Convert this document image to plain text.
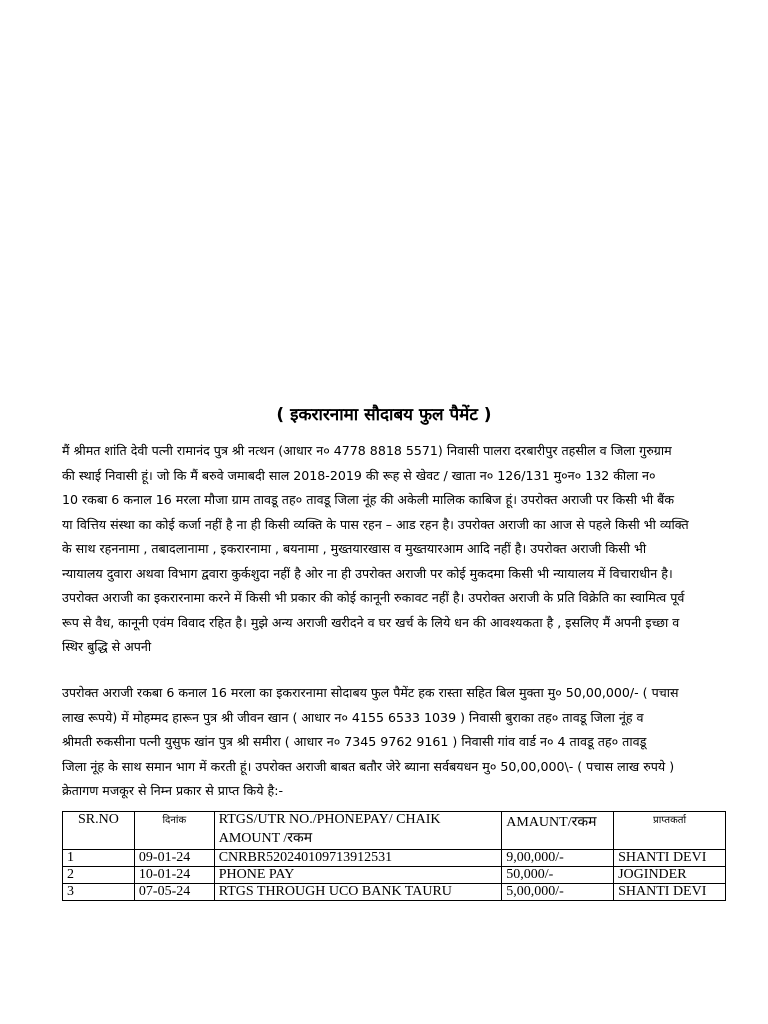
( इकरारनामा सौदाबय फुल पैमेंट )
मैं श्रीमत शांति देवी पत्नी रामानंद पुत्र श्री नत्थन (आधार न० 4778 8818 5571) निवासी पालरा दरबारीपुर तहसील व जिला गुरुग्राम
की स्थाई निवासी हूं। जो कि मैं बरुवे जमाबदी साल 2018-2019 की रूह से खेवट / खाता न० 126/131 मु०न० 132 कीला न०
10 रकबा 6 कनाल 16 मरला मौजा ग्राम तावडू तह० तावडू जिला नूंह की अकेली मालिक काबिज हूं। उपरोक्त अराजी पर किसी भी बैंक
या वित्तिय संस्था का कोई कर्जा नहीं है ना ही किसी व्यक्ति के पास रहन – आड रहन है। उपरोक्त अराजी का आज से पहले किसी भी व्यक्ति
के साथ रहननामा , तबादलानामा , इकरारनामा , बयनामा , मुख्तयारखास व मुख्तयारआम आदि नहीं है। उपरोक्त अराजी किसी भी
न्यायालय दुवारा अथवा विभाग द्ववारा कुर्कशुदा नहीं है ओर ना ही उपरोक्त अराजी पर कोई मुकदमा किसी भी न्यायालय में विचाराधीन है।
उपरोक्त अराजी का इकरारनामा करने में किसी भी प्रकार की कोई कानूनी रुकावट नहीं है। उपरोक्त अराजी के प्रति विक्रेति का स्वामित्व पूर्व
रूप से वैध, कानूनी एवंम विवाद रहित है। मुझे अन्य अराजी खरीदने व घर खर्च के लिये धन की आवश्यकता है , इसलिए मैं अपनी इच्छा व
स्थिर बुद्धि से अपनी
उपरोक्त अराजी रकबा 6 कनाल 16 मरला का इकरारनामा सोदाबय फुल पैमेंट हक रास्ता सहित बिल मुक्ता मु० 50,00,000/- ( पचास
लाख रूपये) में मोहम्मद हारून पुत्र श्री जीवन खान ( आधार न० 4155 6533 1039 ) निवासी बुराका तह० तावडू जिला नूंह व
श्रीमती रुकसीना पत्नी युसुफ खांन पुत्र श्री समीरा ( आधार न० 7345 9762 9161 ) निवासी गांव वार्ड न० 4 तावडू तह० तावडू
जिला नूंह के साथ समान भाग में करती हूं। उपरोक्त अराजी बाबत बतौर जेरे ब्याना सर्वबयधन मु० 50,00,000\- ( पचास लाख रुपये )
क्रेतागण मजकूर से निम्न प्रकार से प्राप्त किये है:-
SR.NO	दिनांक	RTGS/UTR NO./PHONEPAY/ CHAIK AMOUNT /रकम	AMAUNT/रकम	प्राप्तकर्ता
1	09-01-24	CNRBR520240109713912531	9,00,000/-	SHANTI DEVI
2	10-01-24	PHONE PAY	50,000/-	JOGINDER
3	07-05-24	RTGS THROUGH UCO BANK TAURU	5,00,000/-	SHANTI DEVI
